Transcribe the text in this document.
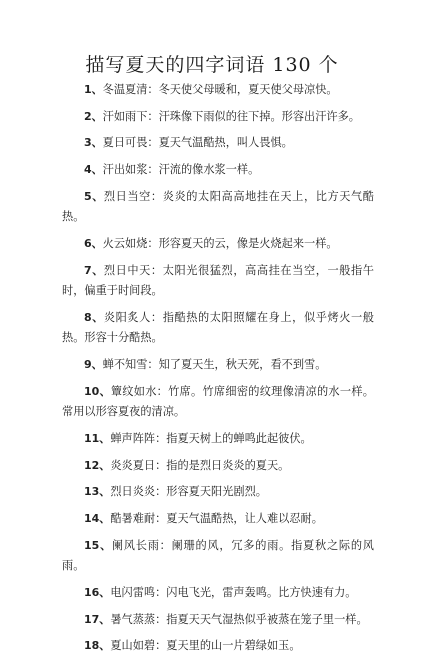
描写夏天的四字词语 130 个
1、冬温夏清：冬天使父母暖和，夏天使父母凉快。
2、汗如雨下：汗珠像下雨似的往下掉。形容出汗许多。
3、夏日可畏：夏天气温酷热，叫人畏惧。
4、汗出如浆：汗流的像水浆一样。
5、烈日当空：炎炎的太阳高高地挂在天上，比方天气酷热。
6、火云如烧：形容夏天的云，像是火烧起来一样。
7、烈日中天：太阳光很猛烈，高高挂在当空，一般指午时，偏重于时间段。
8、炎阳炙人：指酷热的太阳照耀在身上，似乎烤火一般热。形容十分酷热。
9、蝉不知雪：知了夏天生，秋天死，看不到雪。
10、簟纹如水：竹席。竹席细密的纹理像清凉的水一样。常用以形容夏夜的清凉。
11、蝉声阵阵：指夏天树上的蝉鸣此起彼伏。
12、炎炎夏日：指的是烈日炎炎的夏天。
13、烈日炎炎：形容夏天阳光剧烈。
14、酷暑难耐：夏天气温酷热，让人难以忍耐。
15、阑风长雨：阑珊的风，冗多的雨。指夏秋之际的风雨。
16、电闪雷鸣：闪电飞光，雷声轰鸣。比方快速有力。
17、暑气蒸蒸：指夏天天气湿热似乎被蒸在笼子里一样。
18、夏山如碧：夏天里的山一片碧绿如玉。
